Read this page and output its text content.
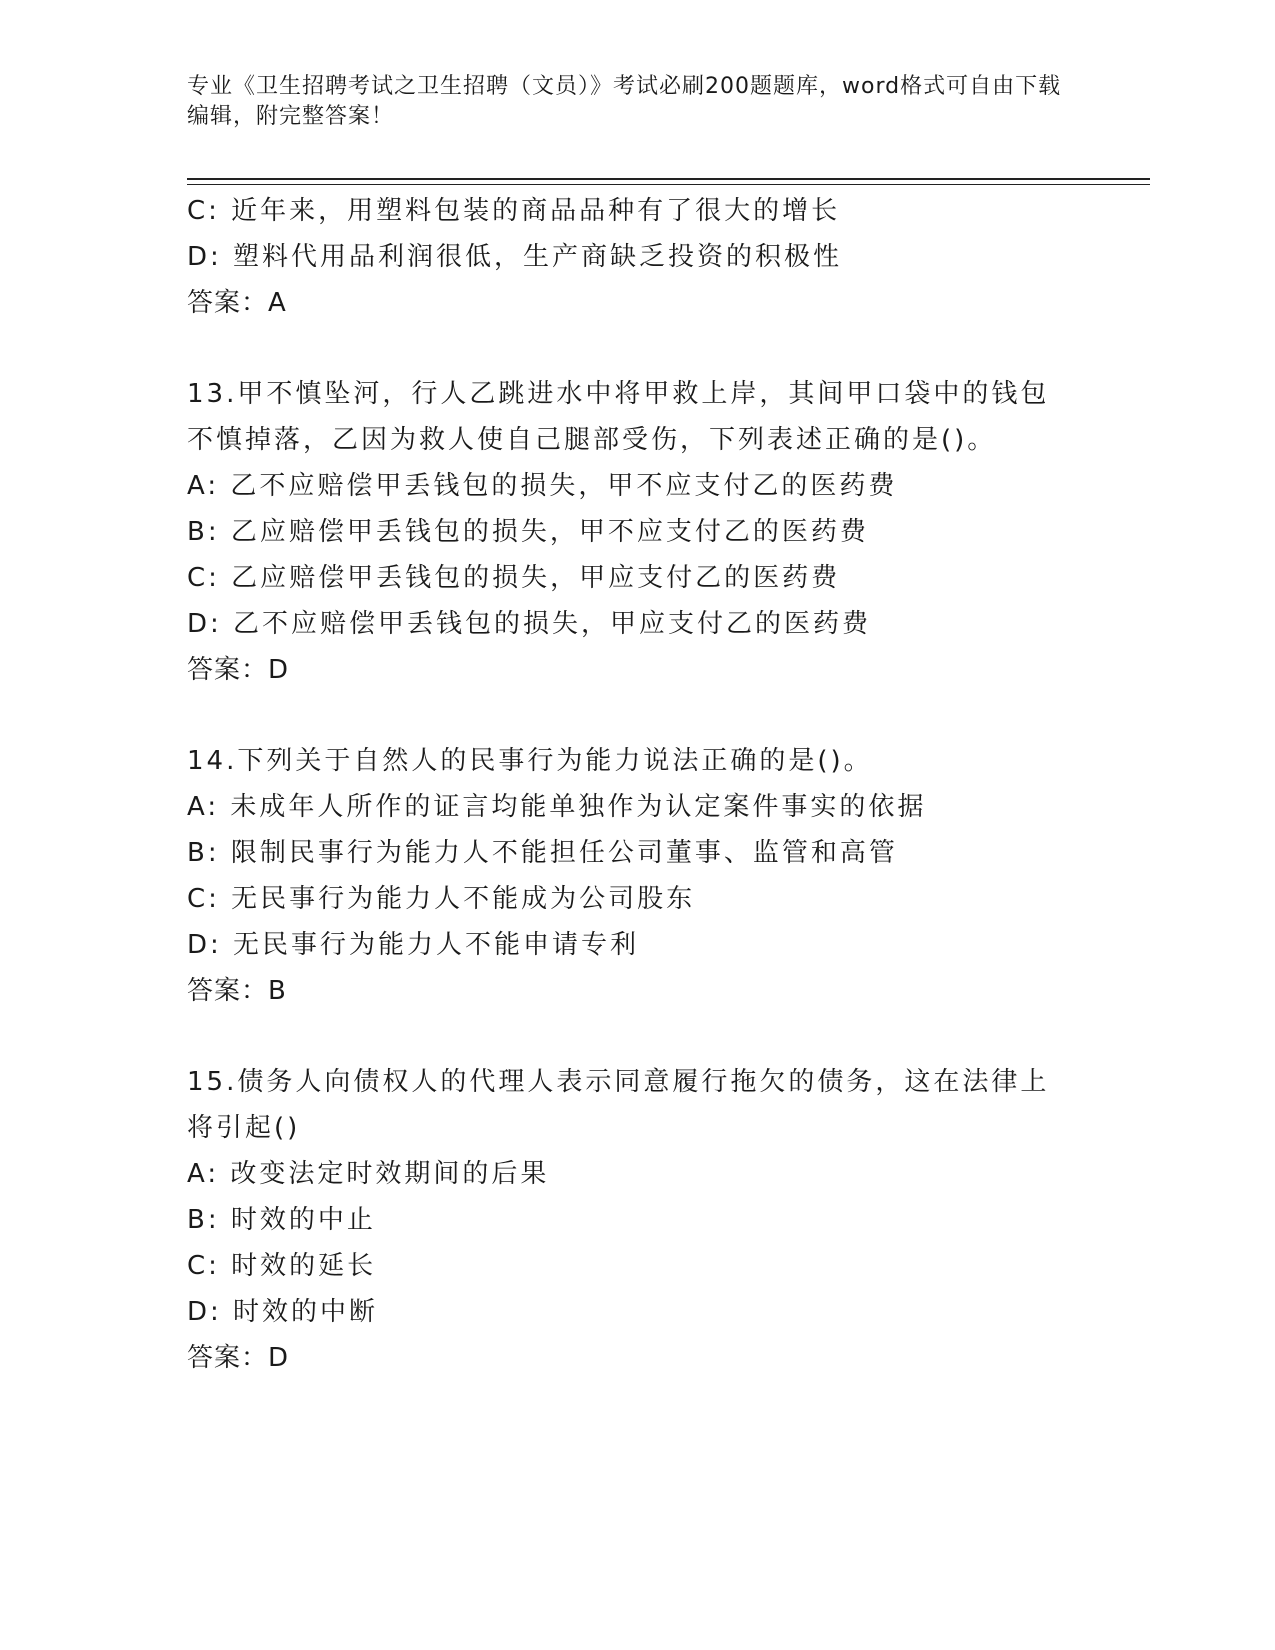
专业《卫生招聘考试之卫生招聘（文员）》考试必刷200题题库，word格式可自由下载编辑，附完整答案！
C: 近年来，用塑料包装的商品品种有了很大的增长
D: 塑料代用品利润很低，生产商缺乏投资的积极性
答案：A
13.甲不慎坠河，行人乙跳进水中将甲救上岸，其间甲口袋中的钱包不慎掉落，乙因为救人使自己腿部受伤，下列表述正确的是()。
A: 乙不应赔偿甲丢钱包的损失，甲不应支付乙的医药费
B: 乙应赔偿甲丢钱包的损失，甲不应支付乙的医药费
C: 乙应赔偿甲丢钱包的损失，甲应支付乙的医药费
D: 乙不应赔偿甲丢钱包的损失，甲应支付乙的医药费
答案：D
14.下列关于自然人的民事行为能力说法正确的是()。
A: 未成年人所作的证言均能单独作为认定案件事实的依据
B: 限制民事行为能力人不能担任公司董事、监管和高管
C: 无民事行为能力人不能成为公司股东
D: 无民事行为能力人不能申请专利
答案：B
15.债务人向债权人的代理人表示同意履行拖欠的债务，这在法律上将引起()
A: 改变法定时效期间的后果
B: 时效的中止
C: 时效的延长
D: 时效的中断
答案：D
